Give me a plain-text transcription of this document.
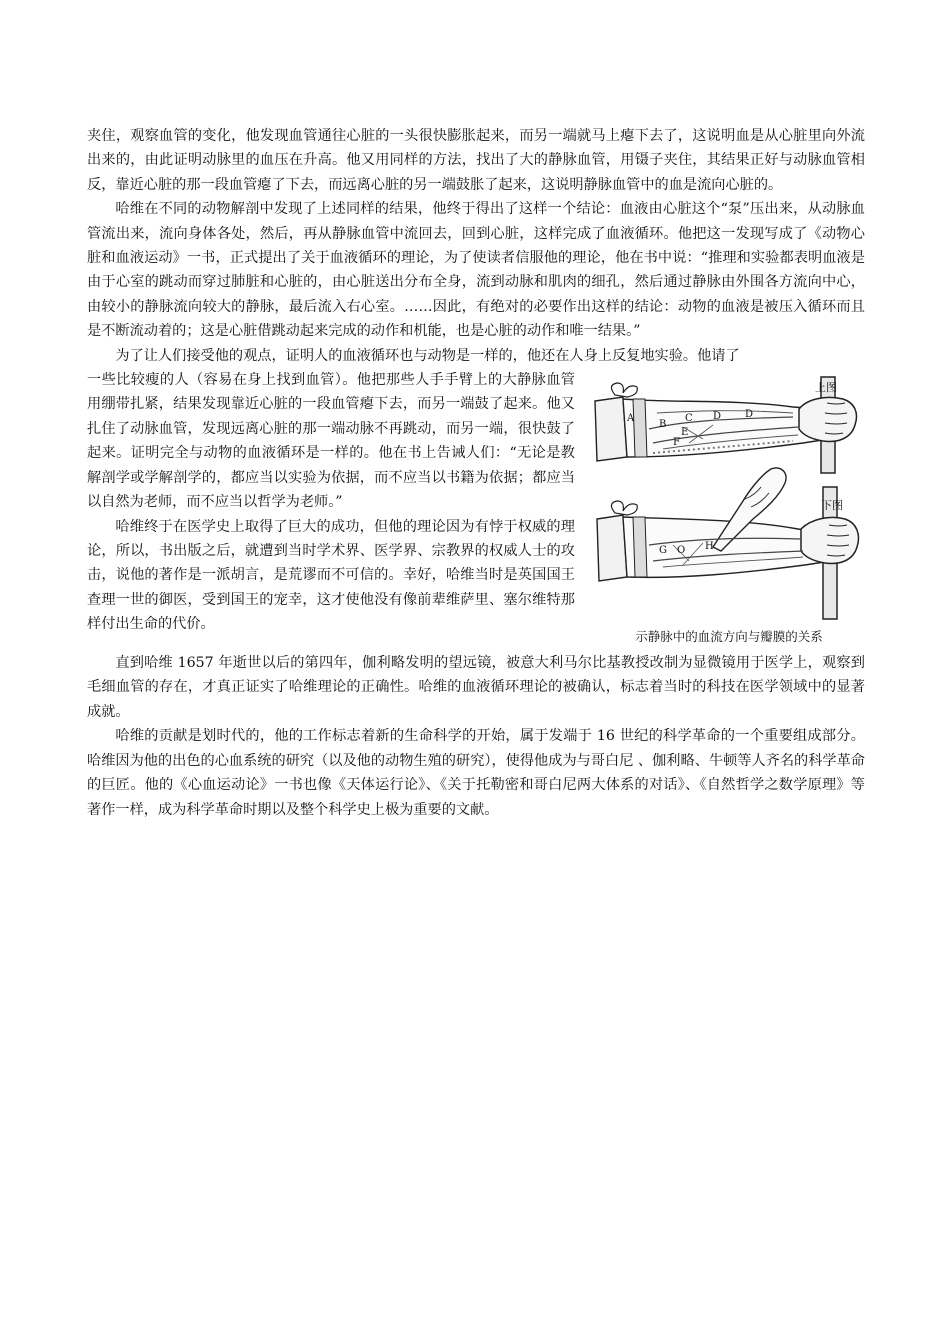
夹住，观察血管的变化，他发现血管通往心脏的一头很快膨胀起来，而另一端就马上瘪下去了，这说明血是从心脏里向外流出来的，由此证明动脉里的血压在升高。他又用同样的方法，找出了大的静脉血管，用镊子夹住，其结果正好与动脉血管相反，靠近心脏的那一段血管瘪了下去，而远离心脏的另一端鼓胀了起来，这说明静脉血管中的血是流向心脏的。

哈维在不同的动物解剖中发现了上述同样的结果，他终于得出了这样一个结论：血液由心脏这个“泵”压出来，从动脉血管流出来，流向身体各处，然后，再从静脉血管中流回去，回到心脏，这样完成了血液循环。他把这一发现写成了《动物心脏和血液运动》一书，正式提出了关于血液循环的理论，为了使读者信服他的理论，他在书中说：“推理和实验都表明血液是由于心室的跳动而穿过肺脏和心脏的，由心脏送出分布全身，流到动脉和肌肉的细孔，然后通过静脉由外围各方流向中心，由较小的静脉流向较大的静脉，最后流入右心室。……因此，有绝对的必要作出这样的结论：动物的血液是被压入循环而且是不断流动着的；这是心脏借跳动起来完成的动作和机能，也是心脏的动作和唯一结果。”

为了让人们接受他的观点，证明人的血液循环也与动物是一样的，他还在人身上反复地实验。他请了

A
B
C D D
E
F
上图
G O H
下图
示静脉中的血流方向与瓣膜的关系

一些比较瘦的人（容易在身上找到血管）。他把那些人手手臂上的大静脉血管用绷带扎紧，结果发现靠近心脏的一段血管瘪下去，而另一端鼓了起来。他又扎住了动脉血管，发现远离心脏的那一端动脉不再跳动，而另一端，很快鼓了起来。证明完全与动物的血液循环是一样的。他在书上告诫人们：“无论是教解剖学或学解剖学的，都应当以实验为依据，而不应当以书籍为依据；都应当以自然为老师，而不应当以哲学为老师。”

哈维终于在医学史上取得了巨大的成功，但他的理论因为有悖于权威的理论，所以，书出版之后，就遭到当时学术界、医学界、宗教界的权威人士的攻击，说他的著作是一派胡言，是荒谬而不可信的。幸好，哈维当时是英国国王查理一世的御医，受到国王的宠幸，这才使他没有像前辈维萨里、塞尔维特那样付出生命的代价。

直到哈维 1657 年逝世以后的第四年，伽利略发明的望远镜，被意大利马尔比基教授改制为显微镜用于医学上，观察到毛细血管的存在，才真正证实了哈维理论的正确性。哈维的血液循环理论的被确认，标志着当时的科技在医学领域中的显著成就。

哈维的贡献是划时代的，他的工作标志着新的生命科学的开始，属于发端于 16 世纪的科学革命的一个重要组成部分。哈维因为他的出色的心血系统的研究（以及他的动物生殖的研究），使得他成为与哥白尼 、伽利略、牛顿等人齐名的科学革命的巨匠。他的《心血运动论》一书也像《天体运行论》、《关于托勒密和哥白尼两大体系的对话》、《自然哲学之数学原理》等著作一样，成为科学革命时期以及整个科学史上极为重要的文献。
